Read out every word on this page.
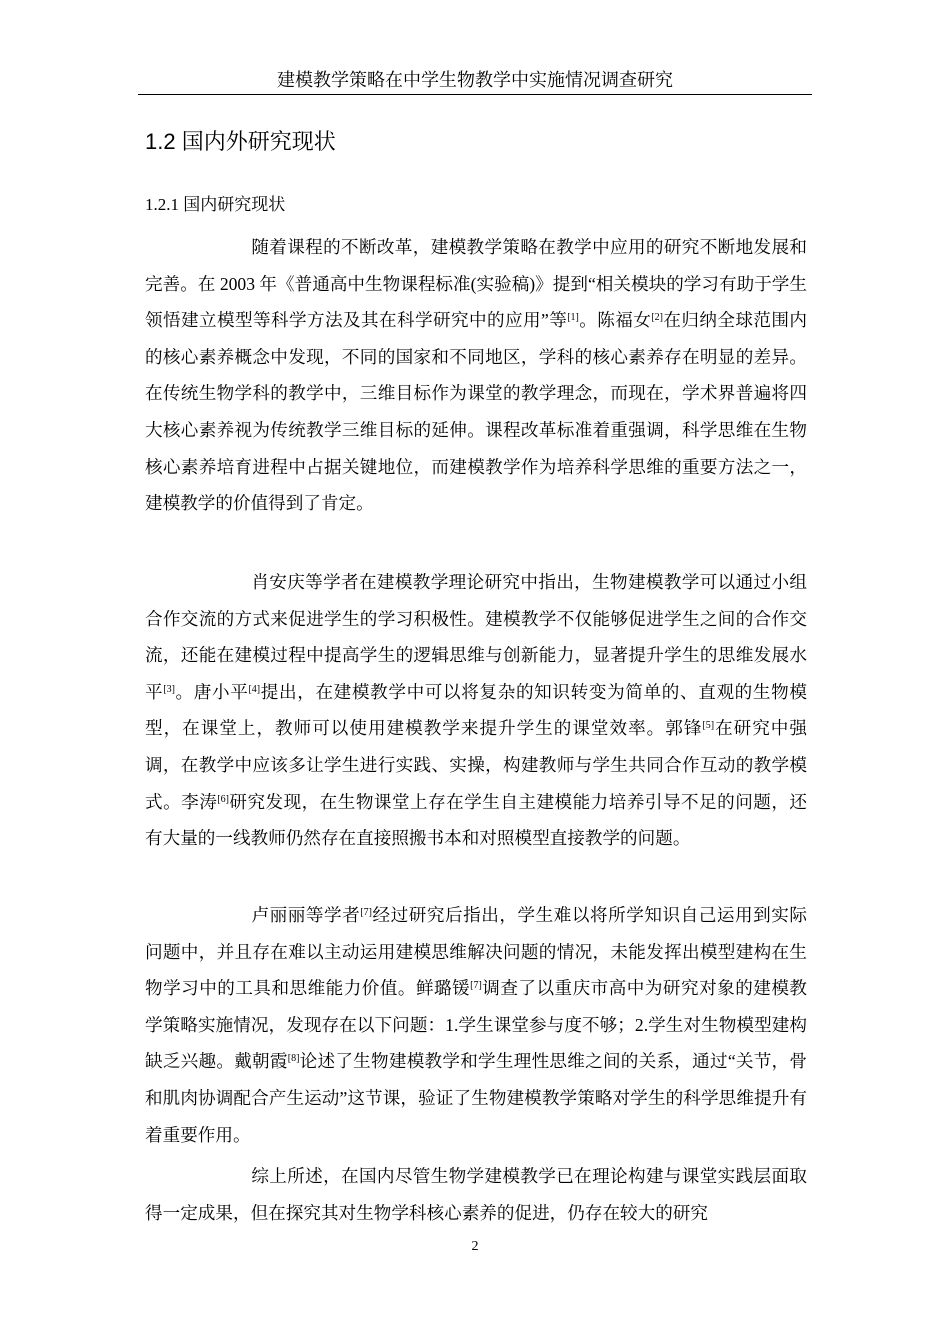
建模教学策略在中学生物教学中实施情况调查研究
1.2 国内外研究现状
1.2.1 国内研究现状

随着课程的不断改革，建模教学策略在教学中应用的研究不断地发展和完善。在 2003 年《普通高中生物课程标准(实验稿)》提到“相关模块的学习有助于学生 领悟建立模型等科学方法及其在科学研究中的应用”等[1]。陈福女[2]在归纳全球范围内的核心素养概念中发现，不同的国家和不同地区，学科的核心素养存在明显的差异。在传统生物学科的教学中，三维目标作为课堂的教学理念，而现在，学术界普遍将四大核心素养视为传统教学三维目标的延伸。课程改革标准着重强调，科学思维在生物核心素养培育进程中占据关键地位，而建模教学作为培养科学思维的重要方法之一，建模教学的价值得到了肯定。

肖安庆等学者在建模教学理论研究中指出，生物建模教学可以通过小组合作交流的方式来促进学生的学习积极性。建模教学不仅能够促进学生之间的合作交流，还能在建模过程中提高学生的逻辑思维与创新能力，显著提升学生的思维发展水平[3]。唐小平[4]提出，在建模教学中可以将复杂的知识转变为简单的、直观的生物模型，在课堂上，教师可以使用建模教学来提升学生的课堂效率。郭锋[5]在研究中强调，在教学中应该多让学生进行实践、实操，构建教师与学生共同合作互动的教学模式。李涛[6]研究发现，在生物课堂上存在学生自主建模能力培养引导不足的问题，还有大量的一线教师仍然存在直接照搬书本和对照模型直接教学的问题。

卢丽丽等学者[7]经过研究后指出，学生难以将所学知识自己运用到实际问题中，并且存在难以主动运用建模思维解决问题的情况，未能发挥出模型建构在生物学习中的工具和思维能力价值。鲜璐锾[7]调查了以重庆市高中为研究对象的建模教学策略实施情况，发现存在以下问题：1.学生课堂参与度不够；2.学生对生物模型建构缺乏兴趣。戴朝霞[8]论述了生物建模教学和学生理性思维之间的关系，通过“关节，骨和肌肉协调配合产生运动”这节课，验证了生物建模教学策略对学生的科学思维提升有着重要作用。

综上所述，在国内尽管生物学建模教学已在理论构建与课堂实践层面取得一定成果，但在探究其对生物学科核心素养的促进，仍存在较大的研究

2
